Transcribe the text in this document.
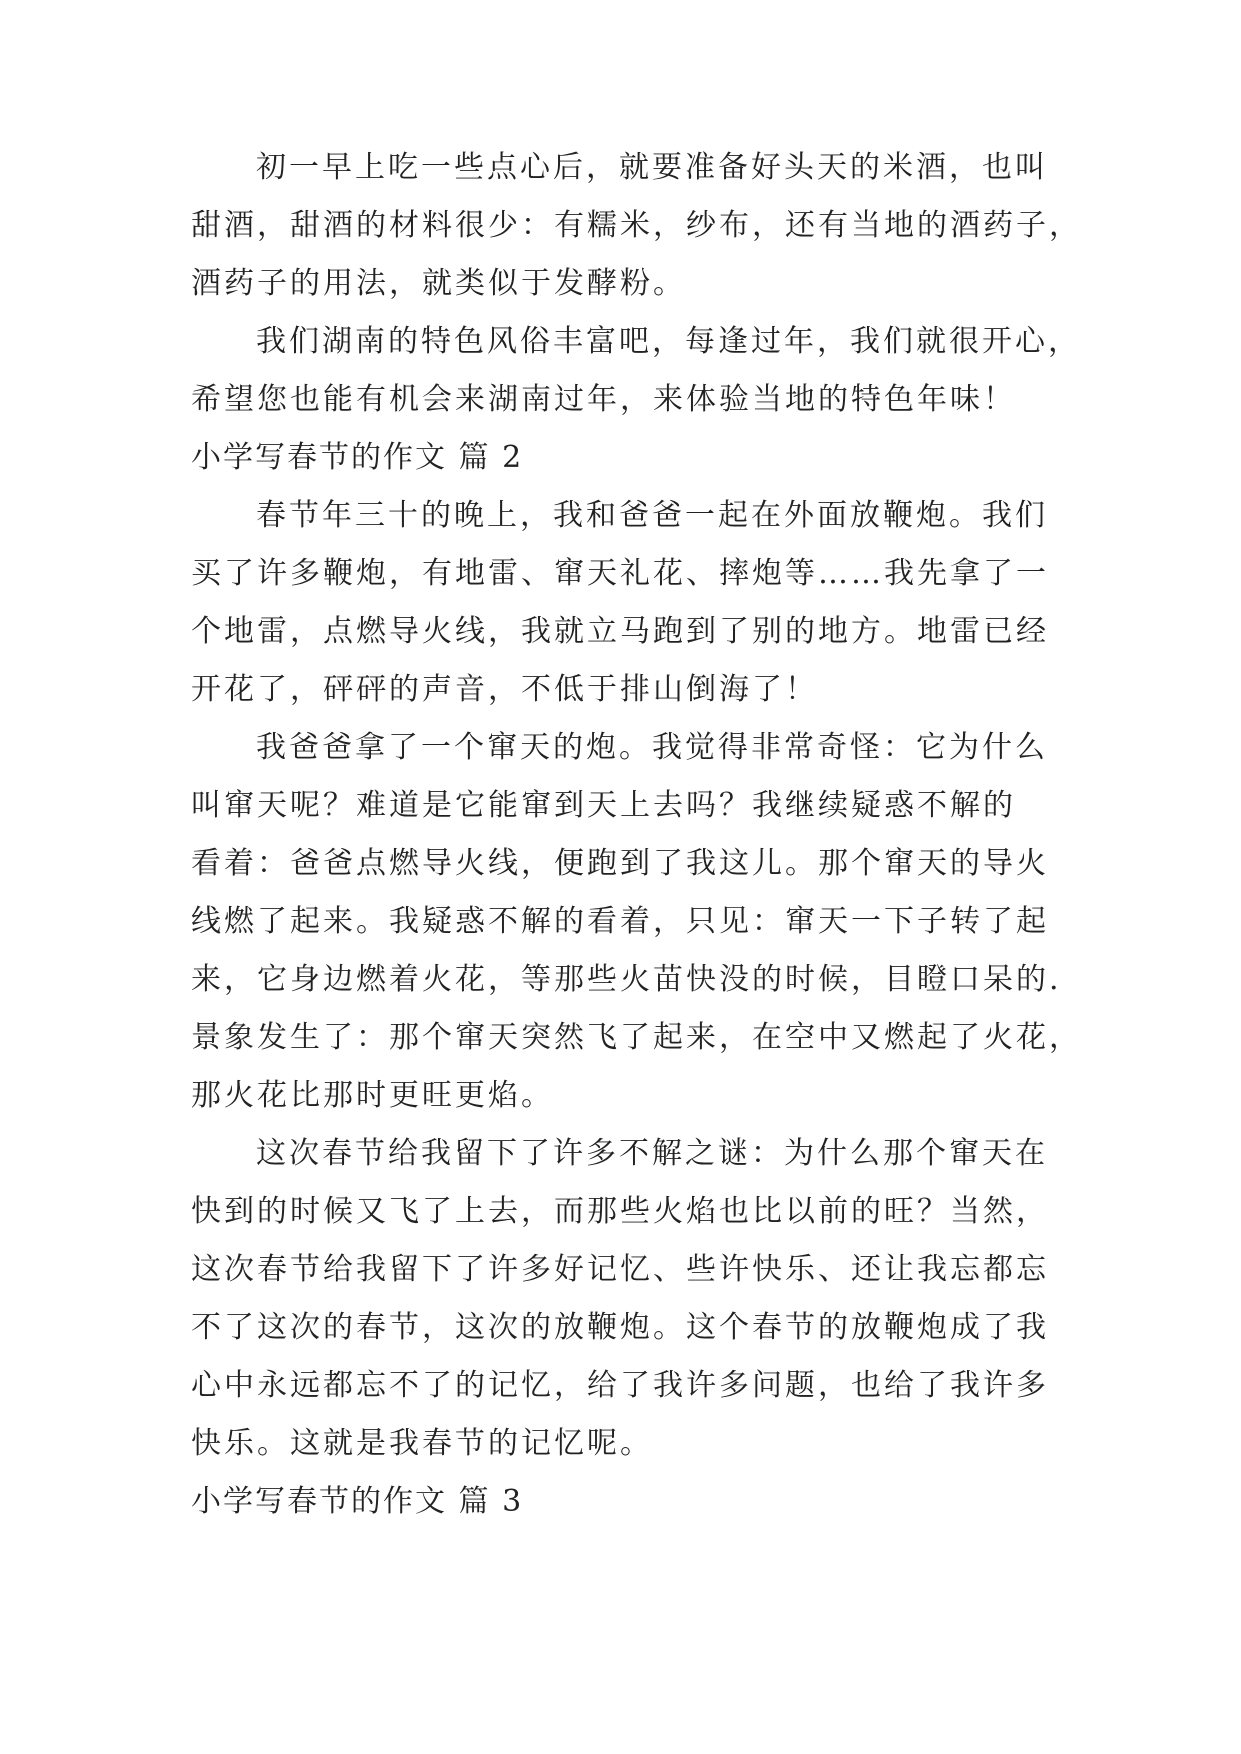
初一早上吃一些点心后，就要准备好头天的米酒，也叫
甜酒，甜酒的材料很少：有糯米，纱布，还有当地的酒药子，
酒药子的用法，就类似于发酵粉。
我们湖南的特色风俗丰富吧，每逢过年，我们就很开心，
希望您也能有机会来湖南过年，来体验当地的特色年味！
小学写春节的作文 篇 2
春节年三十的晚上，我和爸爸一起在外面放鞭炮。我们
买了许多鞭炮，有地雷、窜天礼花、摔炮等……我先拿了一
个地雷，点燃导火线，我就立马跑到了别的地方。地雷已经
开花了，砰砰的声音，不低于排山倒海了！
我爸爸拿了一个窜天的炮。我觉得非常奇怪：它为什么
叫窜天呢？难道是它能窜到天上去吗？我继续疑惑不解的
看着：爸爸点燃导火线，便跑到了我这儿。那个窜天的导火
线燃了起来。我疑惑不解的看着，只见：窜天一下子转了起
来，它身边燃着火花，等那些火苗快没的时候，目瞪口呆的.
景象发生了：那个窜天突然飞了起来，在空中又燃起了火花，
那火花比那时更旺更焰。
这次春节给我留下了许多不解之谜：为什么那个窜天在
快到的时候又飞了上去，而那些火焰也比以前的旺？当然，
这次春节给我留下了许多好记忆、些许快乐、还让我忘都忘
不了这次的春节，这次的放鞭炮。这个春节的放鞭炮成了我
心中永远都忘不了的记忆，给了我许多问题，也给了我许多
快乐。这就是我春节的记忆呢。
小学写春节的作文 篇 3
